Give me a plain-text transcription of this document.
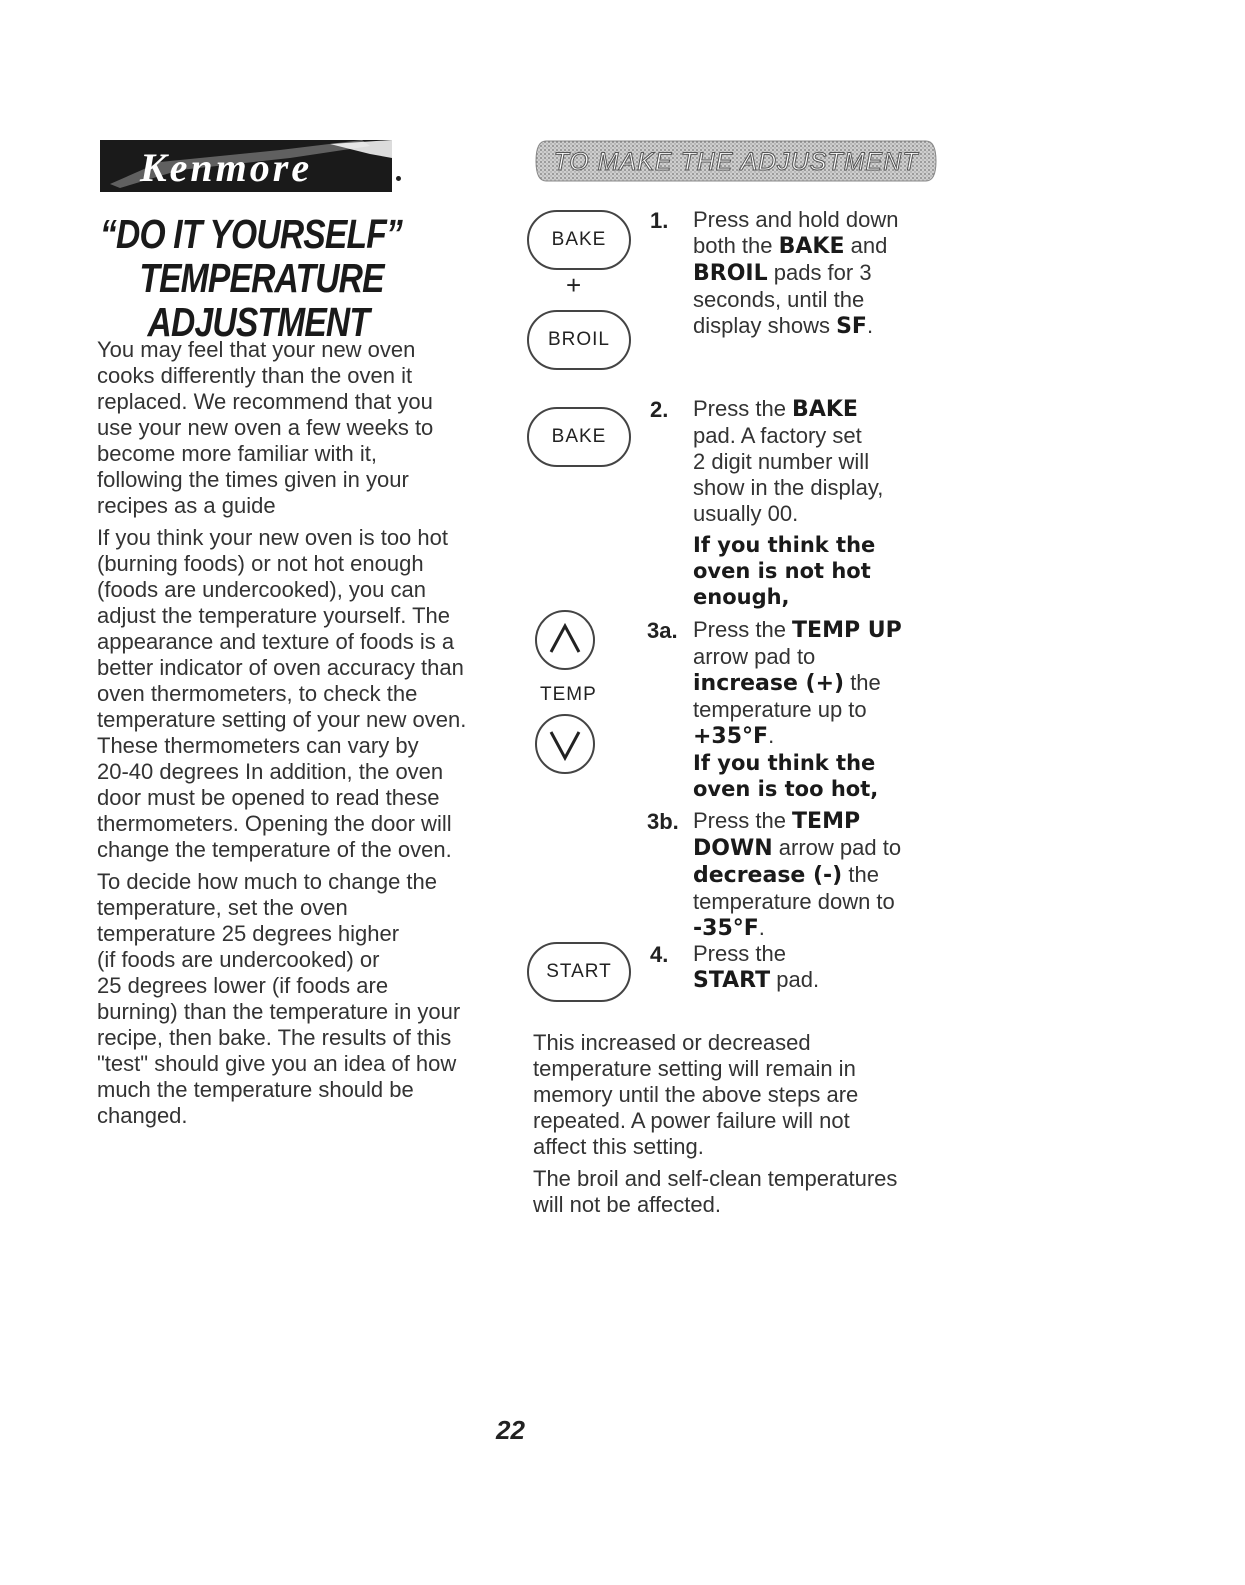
Kenmore
“DO IT YOURSELF”
TEMPERATURE
ADJUSTMENT

You may feel that your new oven
cooks differently than the oven it
replaced. We recommend that you
use your new oven a few weeks to
become more familiar with it,
following the times given in your
recipes as a guide

If you think your new oven is too hot
(burning foods) or not hot enough
(foods are undercooked), you can
adjust the temperature yourself. The
appearance and texture of foods is a
better indicator of oven accuracy than
oven thermometers, to check the
temperature setting of your new oven.
These thermometers can vary by
20-40 degrees In addition, the oven
door must be opened to read these
thermometers. Opening the door will
change the temperature of the oven.

To decide how much to change the
temperature, set the oven
temperature 25 degrees higher
(if foods are undercooked) or
25 degrees lower (if foods are
burning) than the temperature in your
recipe, then bake. The results of this
"test" should give you an idea of how
much the temperature should be
changed.

TO MAKE THE ADJUSTMENT
BAKE
+
BROIL
BAKE
TEMP
START
1. Press and hold down
both the BAKE and
BROIL pads for 3
seconds, until the
display shows SF.
2. Press the BAKE
pad. A factory set
2 digit number will
show in the display,
usually 00.
If you think the
oven is not hot
enough,
3a. Press the TEMP UP
arrow pad to
increase (+) the
temperature up to
+35°F.
If you think the
oven is too hot,
3b. Press the TEMP
DOWN arrow pad to
decrease (-) the
temperature down to
-35°F.
4. Press the
START pad.

This increased or decreased
temperature setting will remain in
memory until the above steps are
repeated. A power failure will not
affect this setting.

The broil and self-clean temperatures
will not be affected.

22
